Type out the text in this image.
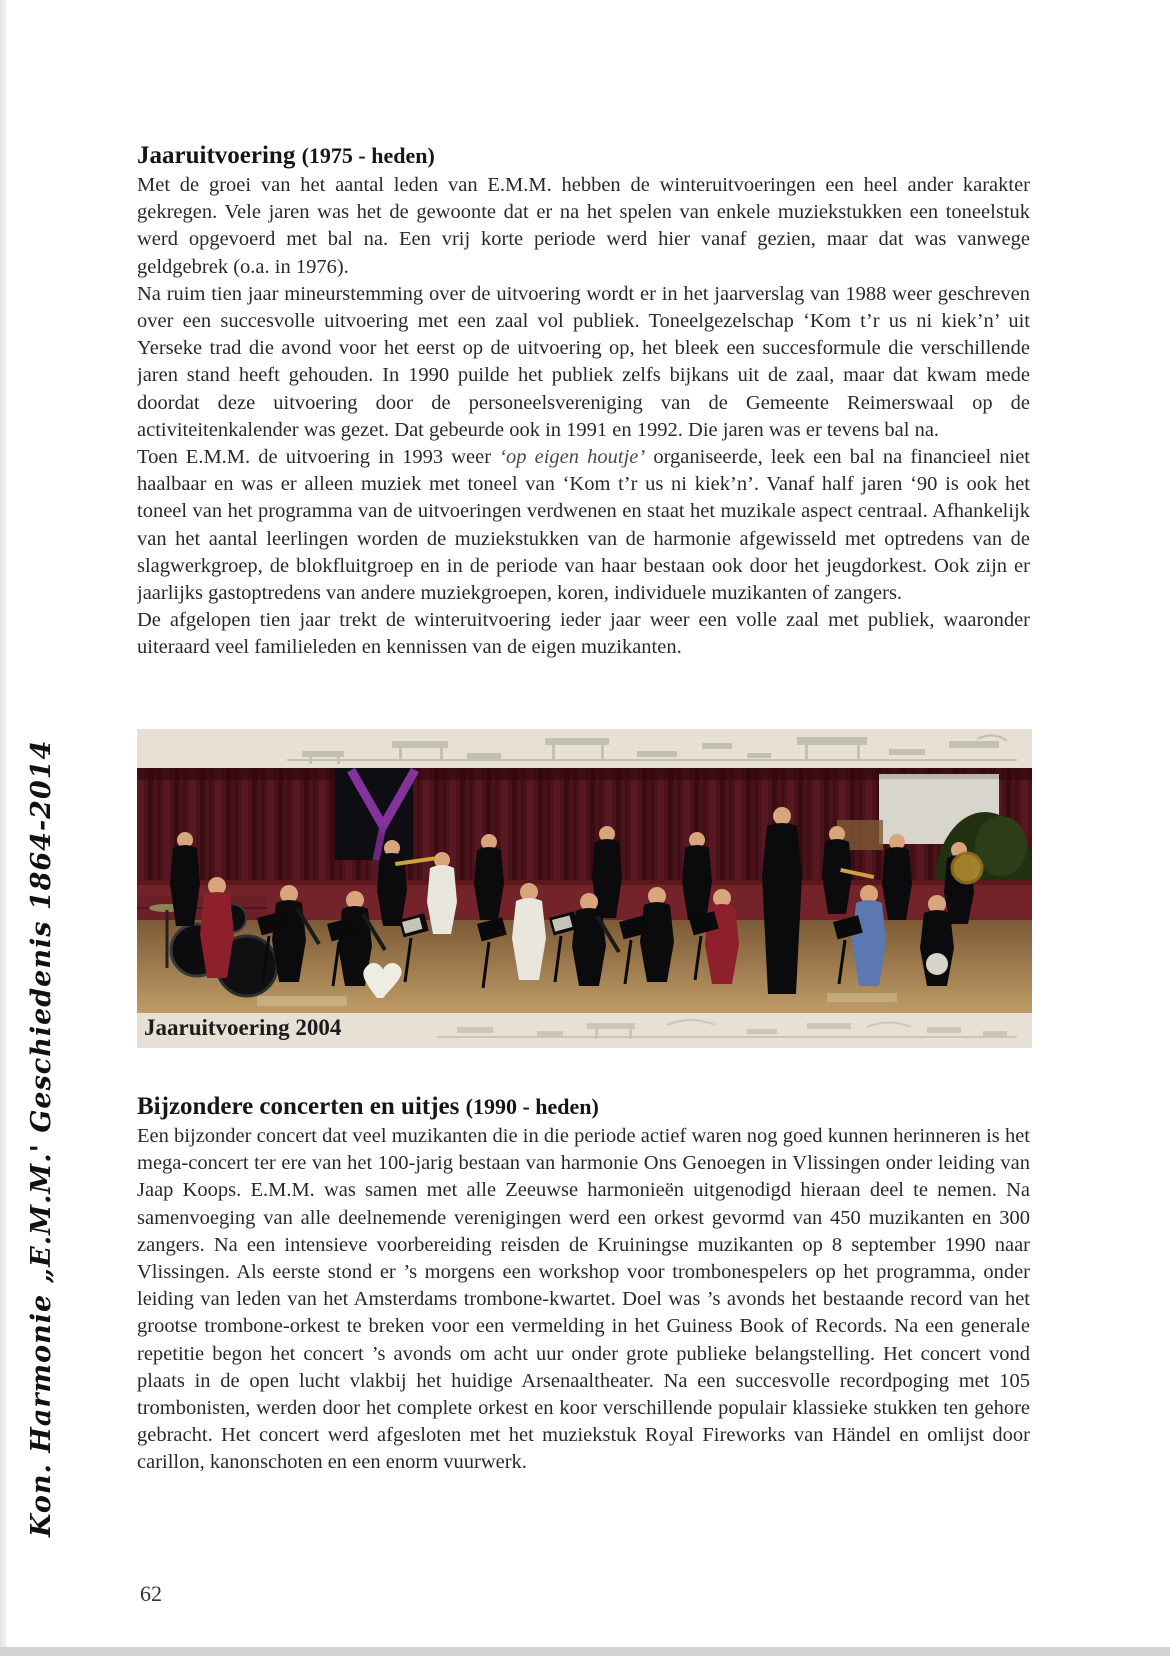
Kon. Harmonie „E.M.M.' Geschiedenis 1864-2014
Jaaruitvoering (1975 - heden)

Met de groei van het aantal leden van E.M.M. hebben de winteruitvoeringen een heel ander karakter gekregen. Vele jaren was het de gewoonte dat er na het spelen van enkele muziekstukken een toneelstuk werd opgevoerd met bal na. Een vrij korte periode werd hier vanaf gezien, maar dat was vanwege geldgebrek (o.a. in 1976).

Na ruim tien jaar mineurstemming over de uitvoering wordt er in het jaarverslag van 1988 weer geschreven over een succesvolle uitvoering met een zaal vol publiek. Toneelgezelschap ‘Kom t’r us ni kiek’n’ uit Yerseke trad die avond voor het eerst op de uitvoering op, het bleek een succesformule die verschillende jaren stand heeft gehouden. In 1990 puilde het publiek zelfs bijkans uit de zaal, maar dat kwam mede doordat deze uitvoering door de personeelsvereniging van de Gemeente Reimerswaal op de activiteitenkalender was gezet. Dat gebeurde ook in 1991 en 1992. Die jaren was er tevens bal na.

Toen E.M.M. de uitvoering in 1993 weer ‘op eigen houtje’ organiseerde, leek een bal na financieel niet haalbaar en was er alleen muziek met toneel van ‘Kom t’r us ni kiek’n’. Vanaf half jaren ‘90 is ook het toneel van het programma van de uitvoeringen verdwenen en staat het muzikale aspect centraal. Afhankelijk van het aantal leerlingen worden de muziekstukken van de harmonie afgewisseld met optredens van de slagwerkgroep, de blokfluitgroep en in de periode van haar bestaan ook door het jeugdorkest. Ook zijn er jaarlijks gastoptredens van andere muziekgroepen, koren, individuele muzikanten of zangers.

De afgelopen tien jaar trekt de winteruitvoering ieder jaar weer een volle zaal met publiek, waaronder uiteraard veel familieleden en kennissen van de eigen muzikanten.

Jaaruitvoering 2004
Bijzondere concerten en uitjes (1990 - heden)

Een bijzonder concert dat veel muzikanten die in die periode actief waren nog goed kunnen herinneren is het mega-concert ter ere van het 100-jarig bestaan van harmonie Ons Genoegen in Vlissingen onder leiding van Jaap Koops. E.M.M. was samen met alle Zeeuwse harmonieën uitgenodigd hieraan deel te nemen. Na samenvoeging van alle deelnemende verenigingen werd een orkest gevormd van 450 muzikanten en 300 zangers. Na een intensieve voorbereiding reisden de Kruiningse muzikanten op 8 september 1990 naar Vlissingen. Als eerste stond er ’s morgens een workshop voor trombonespelers op het programma, onder leiding van leden van het Amsterdams trombone-kwartet. Doel was ’s avonds het bestaande record van het grootse trombone-orkest te breken voor een vermelding in het Guiness Book of Records. Na een generale repetitie begon het concert ’s avonds om acht uur onder grote publieke belangstelling. Het concert vond plaats in de open lucht vlakbij het huidige Arsenaaltheater. Na een succesvolle recordpoging met 105 trombonisten, werden door het complete orkest en koor verschillende populair klassieke stukken ten gehore gebracht. Het concert werd afgesloten met het muziekstuk Royal Fireworks van Händel en omlijst door carillon, kanonschoten en een enorm vuurwerk.

62
